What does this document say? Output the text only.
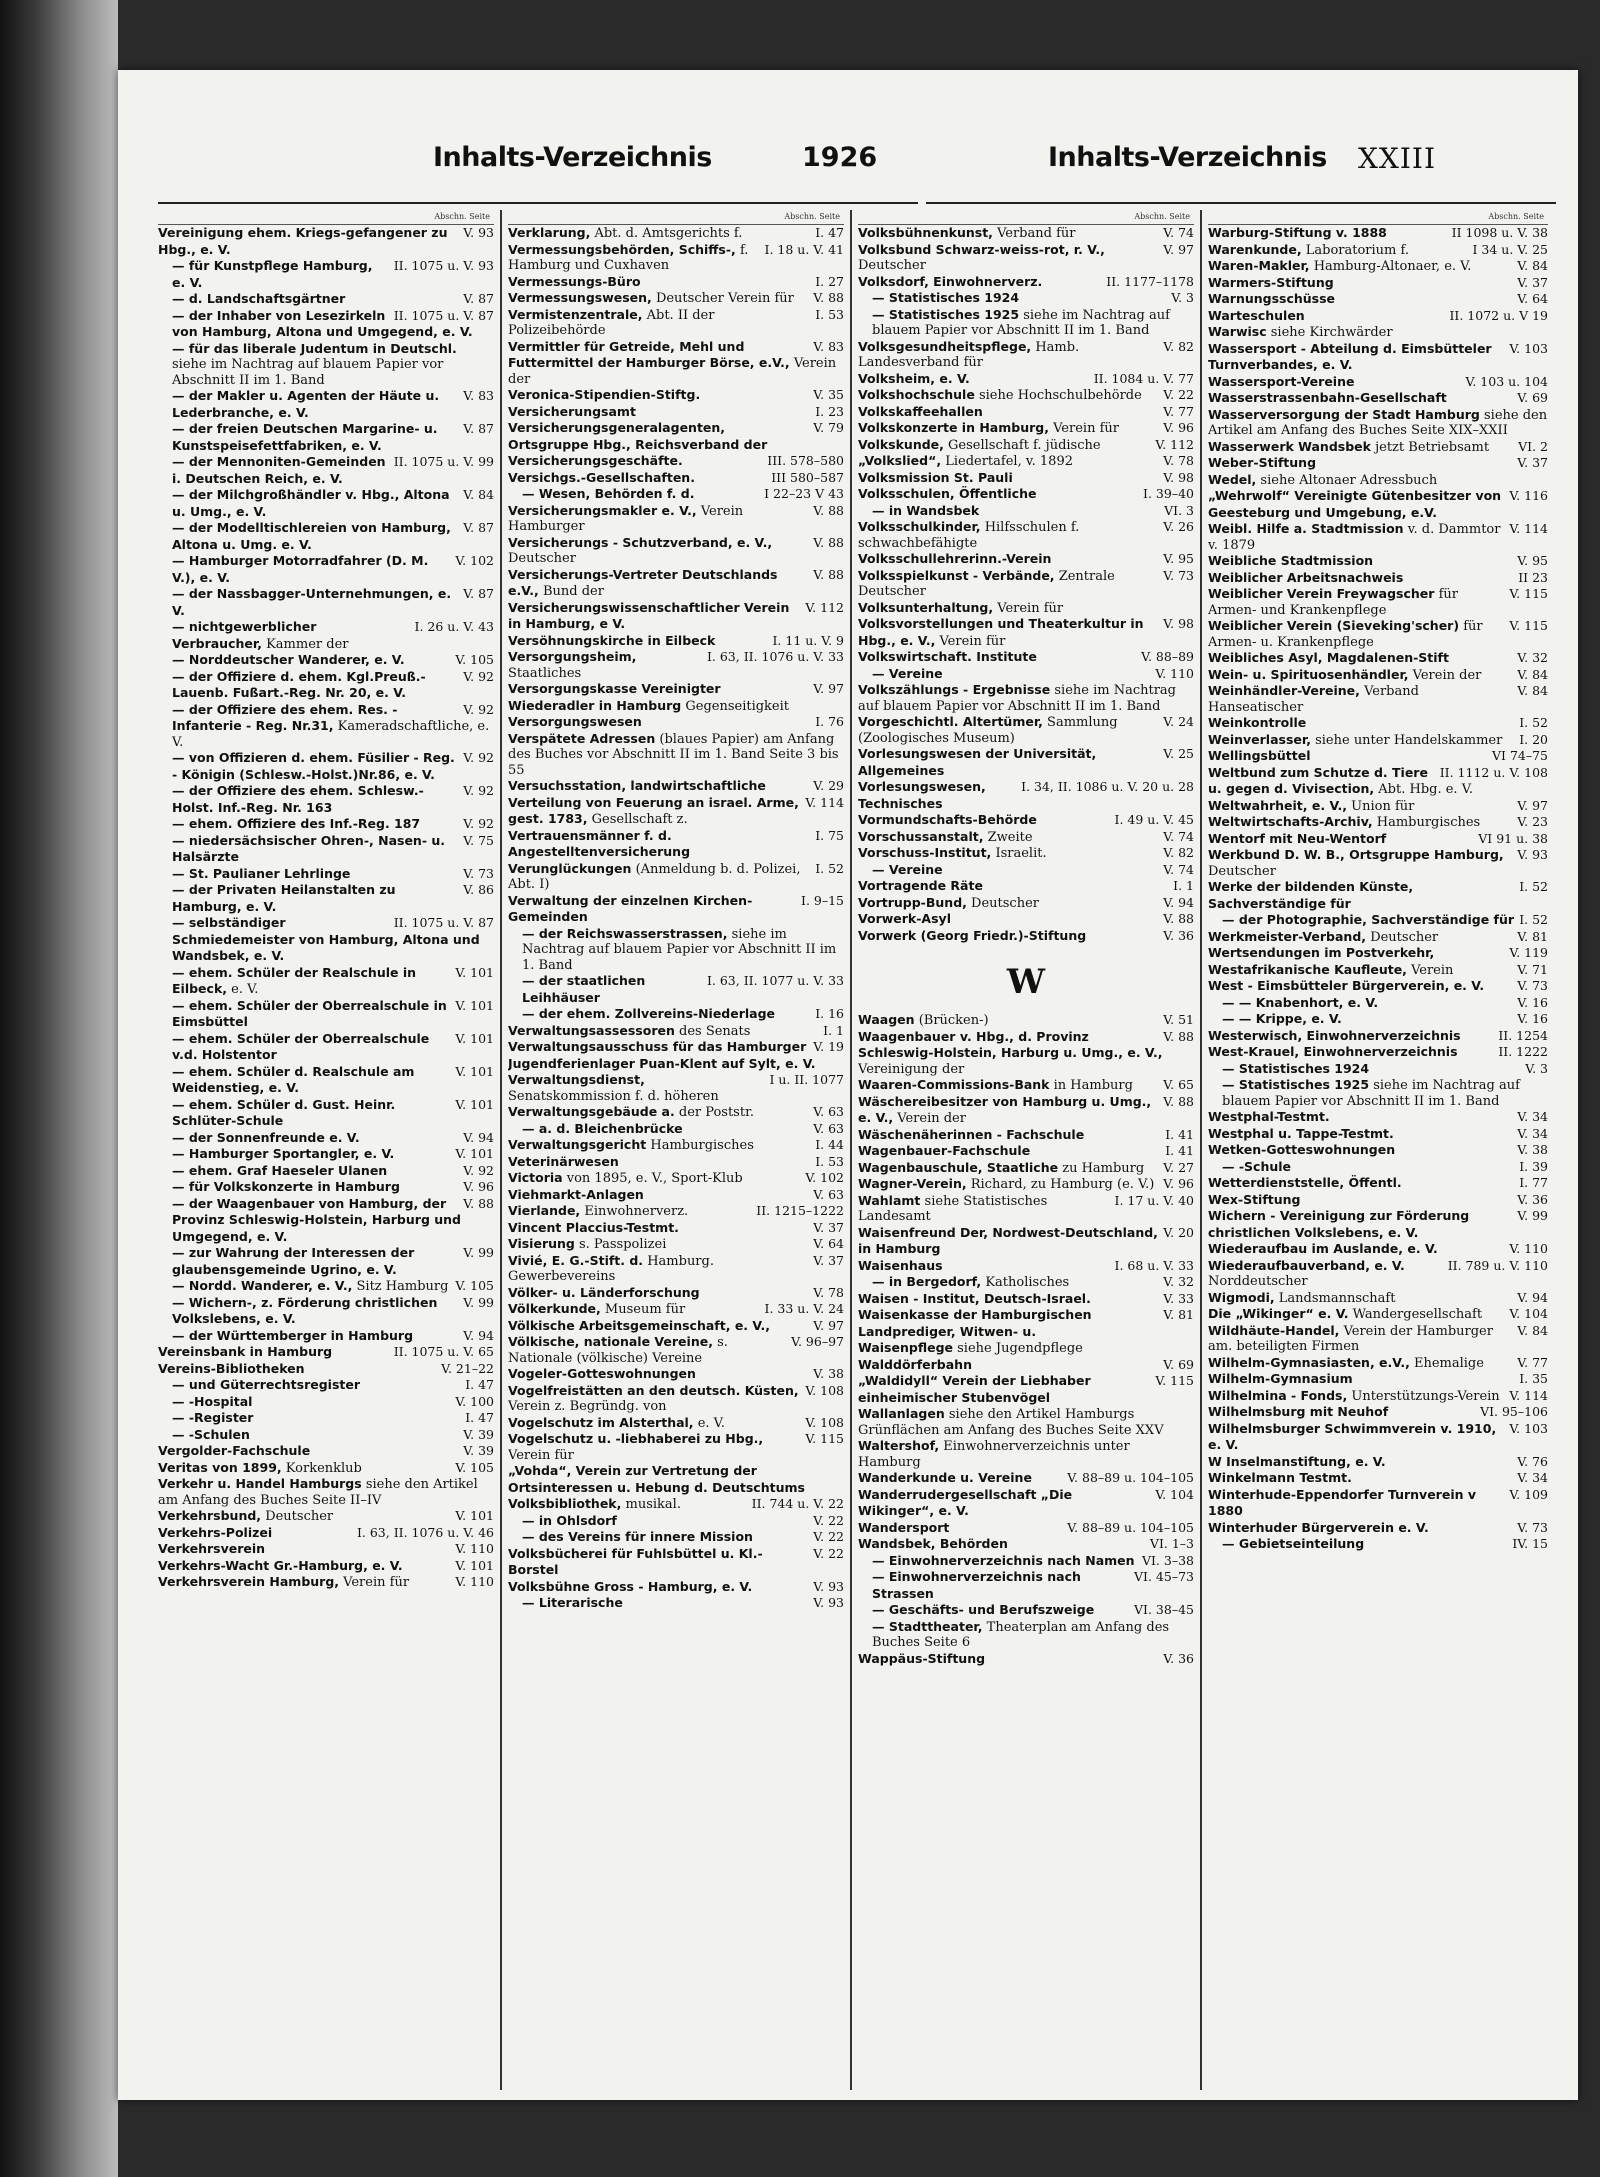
Inhalts-Verzeichnis	1926	Inhalts-Verzeichnis XXIII
Abschn. Seite

V. 93
Vereinigung ehem. Kriegs-gefangener zu Hbg., e. V.

II. 1075 u. V. 93
— für Kunstpflege Hamburg, e. V.

V. 87
— d. Landschaftsgärtner

II. 1075 u. V. 87
— der Inhaber von Lesezirkeln von Hamburg, Altona und Umgegend, e. V.

— für das liberale Judentum in Deutschl. siehe im Nachtrag auf blauem Papier vor Abschnitt II im 1. Band

V. 83
— der Makler u. Agenten der Häute u. Lederbranche, e. V.

V. 87
— der freien Deutschen Margarine- u. Kunstspeisefettfabriken, e. V.

II. 1075 u. V. 99
— der Mennoniten-Gemeinden i. Deutschen Reich, e. V.

V. 84
— der Milchgroßhändler v. Hbg., Altona u. Umg., e. V.

V. 87
— der Modelltischlereien von Hamburg, Altona u. Umg. e. V.

V. 102
— Hamburger Motorradfahrer (D. M. V.), e. V.

V. 87
— der Nassbagger-Unternehmungen, e. V.

I. 26 u. V. 43
— nichtgewerblicher Verbraucher, Kammer der

V. 105
— Norddeutscher Wanderer, e. V.

V. 92
— der Offiziere d. ehem. Kgl.Preuß.-Lauenb. Fußart.-Reg. Nr. 20, e. V.

V. 92
— der Offiziere des ehem. Res. - Infanterie - Reg. Nr.31, Kameradschaftliche, e. V.

V. 92
— von Offizieren d. ehem. Füsilier - Reg. - Königin (Schlesw.-Holst.)Nr.86, e. V.

V. 92
— der Offiziere des ehem. Schlesw.-Holst. Inf.-Reg. Nr. 163

V. 92
— ehem. Offiziere des Inf.-Reg. 187

V. 75
— niedersächsischer Ohren-, Nasen- u. Halsärzte

V. 73
— St. Paulianer Lehrlinge

V. 86
— der Privaten Heilanstalten zu Hamburg, e. V.

II. 1075 u. V. 87
— selbständiger Schmiedemeister von Hamburg, Altona und Wandsbek, e. V.

V. 101
— ehem. Schüler der Realschule in Eilbeck, e. V.

V. 101
— ehem. Schüler der Oberrealschule in Eimsbüttel

V. 101
— ehem. Schüler der Oberrealschule v.d. Holstentor

V. 101
— ehem. Schüler d. Realschule am Weidenstieg, e. V.

V. 101
— ehem. Schüler d. Gust. Heinr. Schlüter-Schule

V. 94
— der Sonnenfreunde e. V.

V. 101
— Hamburger Sportangler, e. V.

V. 92
— ehem. Graf Haeseler Ulanen

V. 96
— für Volkskonzerte in Hamburg

V. 88
— der Waagenbauer von Hamburg, der Provinz Schleswig-Holstein, Harburg und Umgegend, e. V.

V. 99
— zur Wahrung der Interessen der glaubensgemeinde Ugrino, e. V.

V. 105
— Nordd. Wanderer, e. V., Sitz Hamburg

V. 99
— Wichern-, z. Förderung christlichen Volkslebens, e. V.

V. 94
— der Württemberger in Hamburg

II. 1075 u. V. 65
Vereinsbank in Hamburg

V. 21–22
Vereins-Bibliotheken

I. 47
— und Güterrechtsregister

V. 100
— -Hospital

I. 47
— -Register

V. 39
— -Schulen

V. 39
Vergolder-Fachschule

V. 105
Veritas von 1899, Korkenklub

Verkehr u. Handel Hamburgs siehe den Artikel am Anfang des Buches Seite II–IV

V. 101
Verkehrsbund, Deutscher

I. 63, II. 1076 u. V. 46
Verkehrs-Polizei

V. 110
Verkehrsverein

V. 101
Verkehrs-Wacht Gr.-Hamburg, e. V.

V. 110
Verkehrsverein Hamburg, Verein für

Abschn. Seite

I. 47
Verklarung, Abt. d. Amtsgerichts f.

I. 18 u. V. 41
Vermessungsbehörden, Schiffs-, f. Hamburg und Cuxhaven

I. 27
Vermessungs-Büro

V. 88
Vermessungswesen, Deutscher Verein für

I. 53
Vermistenzentrale, Abt. II der Polizeibehörde

V. 83
Vermittler für Getreide, Mehl und Futtermittel der Hamburger Börse, e.V., Verein der

V. 35
Veronica-Stipendien-Stiftg.

I. 23
Versicherungsamt

V. 79
Versicherungsgeneralagenten, Ortsgruppe Hbg., Reichsverband der

III. 578–580
Versicherungsgeschäfte.

III 580–587
Versichgs.-Gesellschaften.

I 22–23 V 43
— Wesen, Behörden f. d.

V. 88
Versicherungsmakler e. V., Verein Hamburger

V. 88
Versicherungs - Schutzverband, e. V., Deutscher

V. 88
Versicherungs-Vertreter Deutschlands e.V., Bund der

V. 112
Versicherungswissenschaftlicher Verein in Hamburg, e V.

I. 11 u. V. 9
Versöhnungskirche in Eilbeck

I. 63, II. 1076 u. V. 33
Versorgungsheim, Staatliches

V. 97
Versorgungskasse Vereinigter Wiederadler in Hamburg Gegenseitigkeit

I. 76
Versorgungswesen

Verspätete Adressen (blaues Papier) am Anfang des Buches vor Abschnitt II im 1. Band Seite 3 bis 55

V. 29
Versuchsstation, landwirtschaftliche

V. 114
Verteilung von Feuerung an israel. Arme, gest. 1783, Gesellschaft z.

I. 75
Vertrauensmänner f. d. Angestelltenversicherung

I. 52
Verunglückungen (Anmeldung b. d. Polizei, Abt. I)

I. 9–15
Verwaltung der einzelnen Kirchen-Gemeinden

— der Reichswasserstrassen, siehe im Nachtrag auf blauem Papier vor Abschnitt II im 1. Band

I. 63, II. 1077 u. V. 33
— der staatlichen Leihhäuser

I. 16
— der ehem. Zollvereins-Niederlage

I. 1
Verwaltungsassessoren des Senats

V. 19
Verwaltungsausschuss für das Hamburger Jugendferienlager Puan-Klent auf Sylt, e. V.

I u. II. 1077
Verwaltungsdienst, Senatskommission f. d. höheren

V. 63
Verwaltungsgebäude a. der Poststr.

V. 63
— a. d. Bleichenbrücke

I. 44
Verwaltungsgericht Hamburgisches

I. 53
Veterinärwesen

V. 102
Victoria von 1895, e. V., Sport-Klub

V. 63
Viehmarkt-Anlagen

II. 1215–1222
Vierlande, Einwohnerverz.

V. 37
Vincent Placcius-Testmt.

V. 64
Visierung s. Passpolizei

V. 37
Vivié, E. G.-Stift. d. Hamburg. Gewerbevereins

V. 78
Völker- u. Länderforschung

I. 33 u. V. 24
Völkerkunde, Museum für

V. 97
Völkische Arbeitsgemeinschaft, e. V.,

V. 96–97
Völkische, nationale Vereine, s. Nationale (völkische) Vereine

V. 38
Vogeler-Gotteswohnungen

V. 108
Vogelfreistätten an den deutsch. Küsten, Verein z. Begründg. von

V. 108
Vogelschutz im Alsterthal, e. V.

V. 115
Vogelschutz u. -liebhaberei zu Hbg., Verein für

„Vohda“, Verein zur Vertretung der Ortsinteressen u. Hebung d. Deutschtums

II. 744 u. V. 22
Volksbibliothek, musikal.

V. 22
— in Ohlsdorf

V. 22
— des Vereins für innere Mission

V. 22
Volksbücherei für Fuhlsbüttel u. Kl.-Borstel

V. 93
Volksbühne Gross - Hamburg, e. V.

V. 93
— Literarische

Abschn. Seite

V. 74
Volksbühnenkunst, Verband für

V. 97
Volksbund Schwarz-weiss-rot, r. V., Deutscher

II. 1177–1178
Volksdorf, Einwohnerverz.

V. 3
— Statistisches 1924

— Statistisches 1925 siehe im Nachtrag auf blauem Papier vor Abschnitt II im 1. Band

V. 82
Volksgesundheitspflege, Hamb. Landesverband für

II. 1084 u. V. 77
Volksheim, e. V.

V. 22
Volkshochschule siehe Hochschulbehörde

V. 77
Volkskaffeehallen

V. 96
Volkskonzerte in Hamburg, Verein für

V. 112
Volkskunde, Gesellschaft f. jüdische

V. 78
„Volkslied“, Liedertafel, v. 1892

V. 98
Volksmission St. Pauli

I. 39–40
Volksschulen, Öffentliche

VI. 3
— in Wandsbek

V. 26
Volksschulkinder, Hilfsschulen f. schwachbefähigte

V. 95
Volksschullehrerinn.-Verein

V. 73
Volksspielkunst - Verbände, Zentrale Deutscher

Volksunterhaltung, Verein für

V. 98
Volksvorstellungen und Theaterkultur in Hbg., e. V., Verein für

V. 88–89
Volkswirtschaft. Institute

V. 110
— Vereine

Volkszählungs - Ergebnisse siehe im Nachtrag auf blauem Papier vor Abschnitt II im 1. Band

V. 24
Vorgeschichtl. Altertümer, Sammlung (Zoologisches Museum)

V. 25
Vorlesungswesen der Universität, Allgemeines

I. 34, II. 1086 u. V. 20 u. 28
Vorlesungswesen, Technisches

I. 49 u. V. 45
Vormundschafts-Behörde

V. 74
Vorschussanstalt, Zweite

V. 82
Vorschuss-Institut, Israelit.

V. 74
— Vereine

I. 1
Vortragende Räte

V. 94
Vortrupp-Bund, Deutscher

V. 88
Vorwerk-Asyl

V. 36
Vorwerk (Georg Friedr.)-Stiftung

W

V. 51
Waagen (Brücken-)

V. 88
Waagenbauer v. Hbg., d. Provinz Schleswig-Holstein, Harburg u. Umg., e. V., Vereinigung der

V. 65
Waaren-Commissions-Bank in Hamburg

V. 88
Wäschereibesitzer von Hamburg u. Umg., e. V., Verein der

I. 41
Wäschenäherinnen - Fachschule

I. 41
Wagenbauer-Fachschule

V. 27
Wagenbauschule, Staatliche zu Hamburg

V. 96
Wagner-Verein, Richard, zu Hamburg (e. V.)

I. 17 u. V. 40
Wahlamt siehe Statistisches Landesamt

V. 20
Waisenfreund Der, Nordwest-Deutschland, in Hamburg

I. 68 u. V. 33
Waisenhaus

V. 32
— in Bergedorf, Katholisches

V. 33
Waisen - Institut, Deutsch-Israel.

V. 81
Waisenkasse der Hamburgischen Landprediger, Witwen- u.

Waisenpflege siehe Jugendpflege

V. 69
Walddörferbahn

V. 115
„Waldidyll“ Verein der Liebhaber einheimischer Stubenvögel

Wallanlagen siehe den Artikel Hamburgs Grünflächen am Anfang des Buches Seite XXV

Waltershof, Einwohnerverzeichnis unter Hamburg

V. 88–89 u. 104–105
Wanderkunde u. Vereine

V. 104
Wanderrudergesellschaft „Die Wikinger“, e. V.

V. 88–89 u. 104–105
Wandersport

VI. 1–3
Wandsbek, Behörden

VI. 3–38
— Einwohnerverzeichnis nach Namen

VI. 45–73
— Einwohnerverzeichnis nach Strassen

VI. 38–45
— Geschäfts- und Berufszweige

— Stadttheater, Theaterplan am Anfang des Buches Seite 6

V. 36
Wappäus-Stiftung

Abschn. Seite

II 1098 u. V. 38
Warburg-Stiftung v. 1888

I 34 u. V. 25
Warenkunde, Laboratorium f.

V. 84
Waren-Makler, Hamburg-Altonaer, e. V.

V. 37
Warmers-Stiftung

V. 64
Warnungsschüsse

II. 1072 u. V 19
Warteschulen

Warwisc siehe Kirchwärder

V. 103
Wassersport - Abteilung d. Eimsbütteler Turnverbandes, e. V.

V. 103 u. 104
Wassersport-Vereine

V. 69
Wasserstrassenbahn-Gesellschaft

Wasserversorgung der Stadt Hamburg siehe den Artikel am Anfang des Buches Seite XIX–XXII

VI. 2
Wasserwerk Wandsbek jetzt Betriebsamt

V. 37
Weber-Stiftung

Wedel, siehe Altonaer Adressbuch

V. 116
„Wehrwolf“ Vereinigte Gütenbesitzer von Geesteburg und Umgebung, e.V.

V. 114
Weibl. Hilfe a. Stadtmission v. d. Dammtor v. 1879

V. 95
Weibliche Stadtmission

II 23
Weiblicher Arbeitsnachweis

V. 115
Weiblicher Verein Freywagscher für Armen- und Krankenpflege

V. 115
Weiblicher Verein (Sieveking'scher) für Armen- u. Krankenpflege

V. 32
Weibliches Asyl, Magdalenen-Stift

V. 84
Wein- u. Spirituosenhändler, Verein der

V. 84
Weinhändler-Vereine, Verband Hanseatischer

I. 52
Weinkontrolle

I. 20
Weinverlasser, siehe unter Handelskammer

VI 74–75
Wellingsbüttel

II. 1112 u. V. 108
Weltbund zum Schutze d. Tiere u. gegen d. Vivisection, Abt. Hbg. e. V.

V. 97
Weltwahrheit, e. V., Union für

V. 23
Weltwirtschafts-Archiv, Hamburgisches

VI 91 u. 38
Wentorf mit Neu-Wentorf

V. 93
Werkbund D. W. B., Ortsgruppe Hamburg, Deutscher

I. 52
Werke der bildenden Künste, Sachverständige für

I. 52
— der Photographie, Sachverständige für

V. 81
Werkmeister-Verband, Deutscher

V. 119
Wertsendungen im Postverkehr,

V. 71
Westafrikanische Kaufleute, Verein

V. 73
West - Eimsbütteler Bürgerverein, e. V.

V. 16
— — Knabenhort, e. V.

V. 16
— — Krippe, e. V.

II. 1254
Westerwisch, Einwohnerverzeichnis

II. 1222
West-Krauel, Einwohnerverzeichnis

V. 3
— Statistisches 1924

— Statistisches 1925 siehe im Nachtrag auf blauem Papier vor Abschnitt II im 1. Band

V. 34
Westphal-Testmt.

V. 34
Westphal u. Tappe-Testmt.

V. 38
Wetken-Gotteswohnungen

I. 39
— -Schule

I. 77
Wetterdienststelle, Öffentl.

V. 36
Wex-Stiftung

V. 99
Wichern - Vereinigung zur Förderung christlichen Volkslebens, e. V.

V. 110
Wiederaufbau im Auslande, e. V.

II. 789 u. V. 110
Wiederaufbauverband, e. V. Norddeutscher

V. 94
Wigmodi, Landsmannschaft

V. 104
Die „Wikinger“ e. V. Wandergesellschaft

V. 84
Wildhäute-Handel, Verein der Hamburger am. beteiligten Firmen

V. 77
Wilhelm-Gymnasiasten, e.V., Ehemalige

I. 35
Wilhelm-Gymnasium

V. 114
Wilhelmina - Fonds, Unterstützungs-Verein

VI. 95–106
Wilhelmsburg mit Neuhof

V. 103
Wilhelmsburger Schwimmverein v. 1910, e. V.

V. 76
W Inselmanstiftung, e. V.

V. 34
Winkelmann Testmt.

V. 109
Winterhude-Eppendorfer Turnverein v 1880

V. 73
Winterhuder Bürgerverein e. V.

IV. 15
— Gebietseinteilung
